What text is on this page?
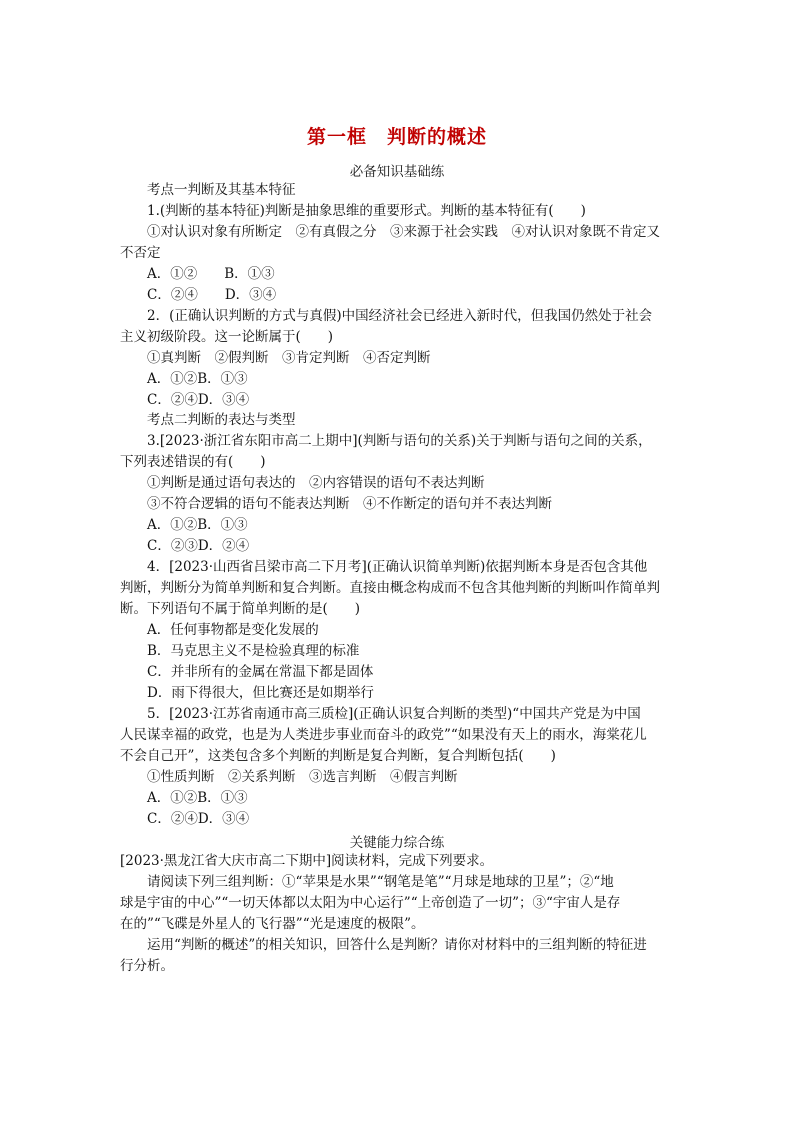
第一框　判断的概述
必备知识基础练
考点一判断及其基本特征
1.(判断的基本特征)判断是抽象思维的重要形式。判断的基本特征有(　　)
①对认识对象有所断定　②有真假之分　③来源于社会实践　④对认识对象既不肯定又
不否定
A．①②　　B．①③
C．②④　　D．③④
2．(正确认识判断的方式与真假)中国经济社会已经进入新时代，但我国仍然处于社会
主义初级阶段。这一论断属于(　　)
①真判断　②假判断　③肯定判断　④否定判断
A．①②B．①③
C．②④D．③④
考点二判断的表达与类型
3.[2023·浙江省东阳市高二上期中](判断与语句的关系)关于判断与语句之间的关系，
下列表述错误的有(　　)
①判断是通过语句表达的　②内容错误的语句不表达判断
③不符合逻辑的语句不能表达判断　④不作断定的语句并不表达判断
A．①②B．①③
C．②③D．②④
4．[2023·山西省吕梁市高二下月考](正确认识简单判断)依据判断本身是否包含其他
判断，判断分为简单判断和复合判断。直接由概念构成而不包含其他判断的判断叫作简单判
断。下列语句不属于简单判断的是(　　)
A．任何事物都是变化发展的
B．马克思主义不是检验真理的标准
C．并非所有的金属在常温下都是固体
D．雨下得很大，但比赛还是如期举行
5．[2023·江苏省南通市高三质检](正确认识复合判断的类型)“中国共产党是为中国
人民谋幸福的政党，也是为人类进步事业而奋斗的政党”“如果没有天上的雨水，海棠花儿
不会自己开”，这类包含多个判断的判断是复合判断，复合判断包括(　　)
①性质判断　②关系判断　③选言判断　④假言判断
A．①②B．①③
C．②④D．③④
关键能力综合练
[2023·黑龙江省大庆市高二下期中]阅读材料，完成下列要求。
请阅读下列三组判断：①“苹果是水果”“钢笔是笔”“月球是地球的卫星”；②“地
球是宇宙的中心”“一切天体都以太阳为中心运行”“上帝创造了一切”；③“宇宙人是存
在的”“飞碟是外星人的飞行器”“光是速度的极限”。
运用“判断的概述”的相关知识，回答什么是判断？请你对材料中的三组判断的特征进
行分析。
